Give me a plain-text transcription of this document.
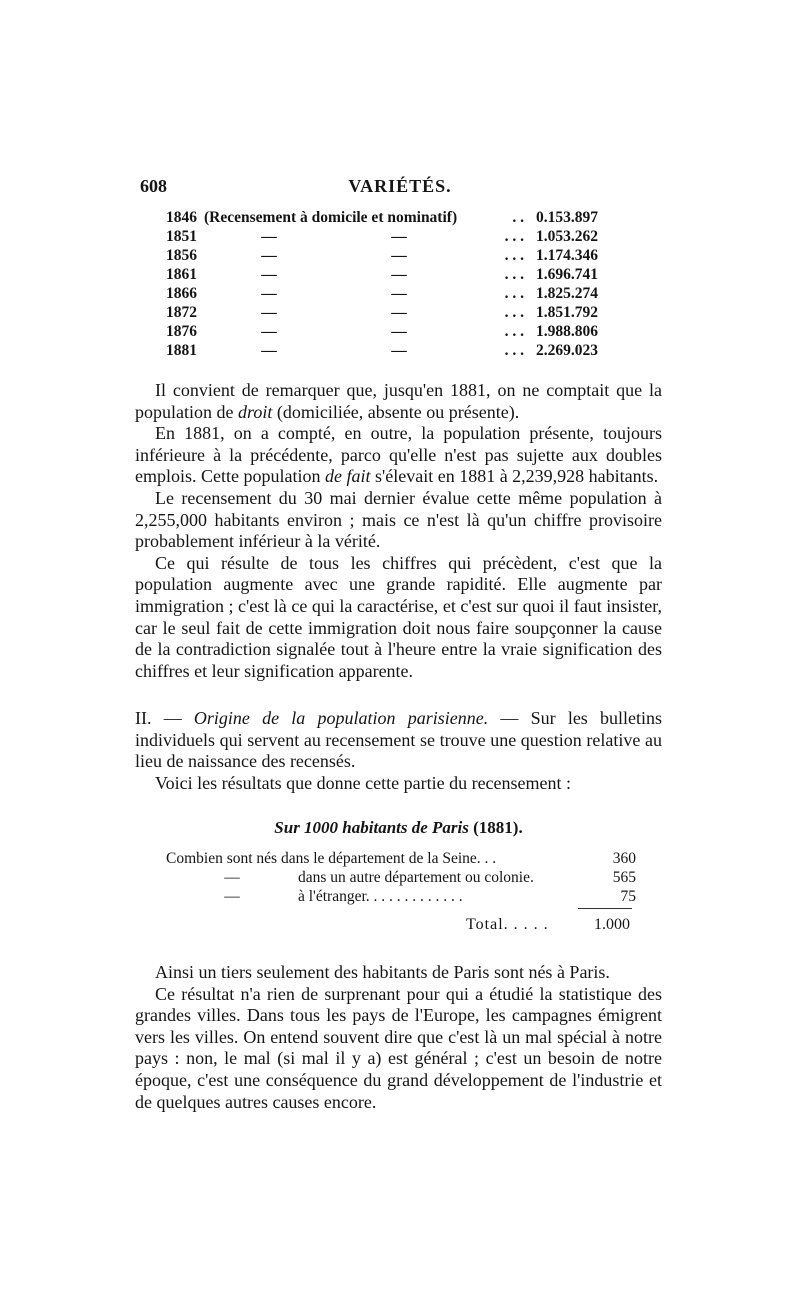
608	VARIÉTÉS.
1846	(Recensement à domicile et nominatif)		. .	0.153.897
1851	—	—	. . .	1.053.262
1856	—	—	. . .	1.174.346
1861	—	—	. . .	1.696.741
1866	—	—	. . .	1.825.274
1872	—	—	. . .	1.851.792
1876	—	—	. . .	1.988.806
1881	—	—	. . .	2.269.023

Il convient de remarquer que, jusqu'en 1881, on ne comptait que la population de droit (domiciliée, absente ou présente).

En 1881, on a compté, en outre, la population présente, toujours inférieure à la précédente, parco qu'elle n'est pas sujette aux doubles emplois. Cette population de fait s'élevait en 1881 à 2,239,928 habitants.

Le recensement du 30 mai dernier évalue cette même population à 2,255,000 habitants environ ; mais ce n'est là qu'un chiffre provisoire probablement inférieur à la vérité.

Ce qui résulte de tous les chiffres qui précèdent, c'est que la population augmente avec une grande rapidité. Elle augmente par immigration ; c'est là ce qui la caractérise, et c'est sur quoi il faut insister, car le seul fait de cette immigration doit nous faire soupçonner la cause de la contradiction signalée tout à l'heure entre la vraie signification des chiffres et leur signification apparente.

II. — Origine de la population parisienne. — Sur les bulletins individuels qui servent au recensement se trouve une question relative au lieu de naissance des recensés.

Voici les résultats que donne cette partie du recensement :

Sur 1000 habitants de Paris (1881).
Combien sont nés dans le département de la Seine. . .	360
— dans un autre département ou colonie.	565
— à l'étranger. . . . . . . . . . . . .	75
Total. . . . .	1.000

Ainsi un tiers seulement des habitants de Paris sont nés à Paris.

Ce résultat n'a rien de surprenant pour qui a étudié la statistique des grandes villes. Dans tous les pays de l'Europe, les campagnes émigrent vers les villes. On entend souvent dire que c'est là un mal spécial à notre pays : non, le mal (si mal il y a) est général ; c'est un besoin de notre époque, c'est une conséquence du grand développement de l'industrie et de quelques autres causes encore.
